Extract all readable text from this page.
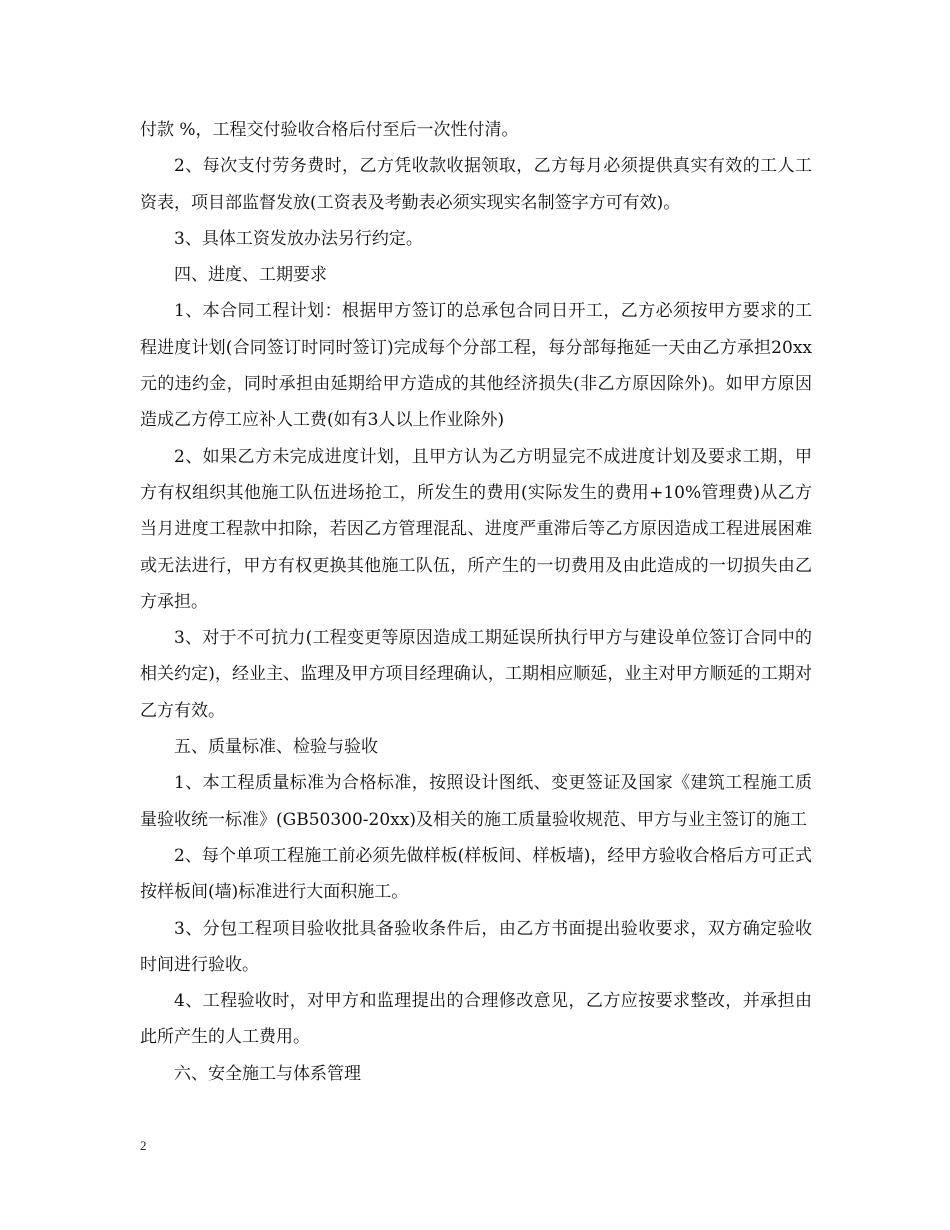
付款 %，工程交付验收合格后付至后一次性付清。

2、每次支付劳务费时，乙方凭收款收据领取，乙方每月必须提供真实有效的工人工资表，项目部监督发放(工资表及考勤表必须实现实名制签字方可有效)。

3、具体工资发放办法另行约定。

四、进度、工期要求

1、本合同工程计划：根据甲方签订的总承包合同日开工，乙方必须按甲方要求的工程进度计划(合同签订时同时签订)完成每个分部工程，每分部每拖延一天由乙方承担20xx元的违约金，同时承担由延期给甲方造成的其他经济损失(非乙方原因除外)。如甲方原因造成乙方停工应补人工费(如有3人以上作业除外)

2、如果乙方未完成进度计划，且甲方认为乙方明显完不成进度计划及要求工期，甲方有权组织其他施工队伍进场抢工，所发生的费用(实际发生的费用+10%管理费)从乙方当月进度工程款中扣除，若因乙方管理混乱、进度严重滞后等乙方原因造成工程进展困难或无法进行，甲方有权更换其他施工队伍，所产生的一切费用及由此造成的一切损失由乙方承担。

3、对于不可抗力(工程变更等原因造成工期延误所执行甲方与建设单位签订合同中的相关约定)，经业主、监理及甲方项目经理确认，工期相应顺延，业主对甲方顺延的工期对乙方有效。

五、质量标准、检验与验收

1、本工程质量标准为合格标准，按照设计图纸、变更签证及国家《建筑工程施工质量验收统一标准》(GB50300-20xx)及相关的施工质量验收规范、甲方与业主签订的施工

2、每个单项工程施工前必须先做样板(样板间、样板墙)，经甲方验收合格后方可正式按样板间(墙)标准进行大面积施工。

3、分包工程项目验收批具备验收条件后，由乙方书面提出验收要求，双方确定验收时间进行验收。

4、工程验收时，对甲方和监理提出的合理修改意见，乙方应按要求整改，并承担由此所产生的人工费用。

六、安全施工与体系管理

2
